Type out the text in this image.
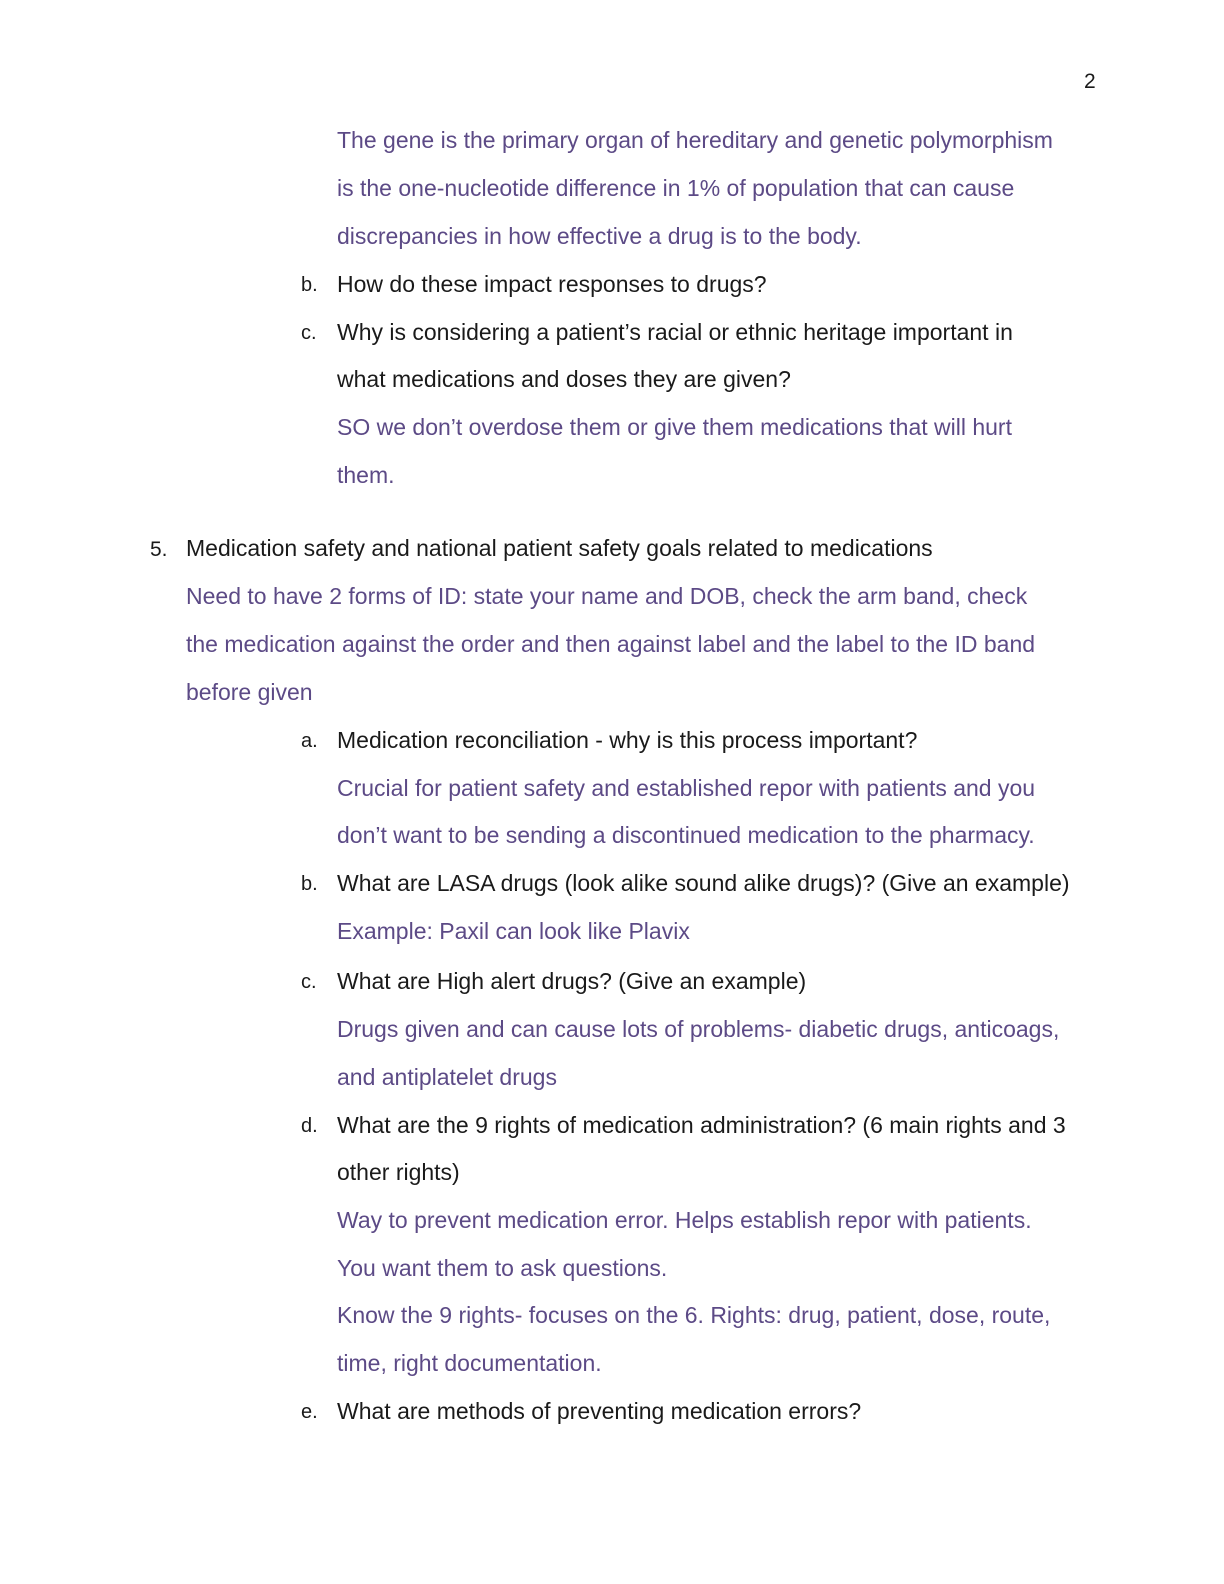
2
The gene is the primary organ of hereditary and genetic polymorphism
is the one-nucleotide difference in 1% of population that can cause
discrepancies in how effective a drug is to the body.
b. How do these impact responses to drugs?
c. Why is considering a patient’s racial or ethnic heritage important in
what medications and doses they are given?
SO we don’t overdose them or give them medications that will hurt
them.
5. Medication safety and national patient safety goals related to medications
Need to have 2 forms of ID: state your name and DOB, check the arm band, check
the medication against the order and then against label and the label to the ID band
before given
a. Medication reconciliation - why is this process important?
Crucial for patient safety and established repor with patients and you
don’t want to be sending a discontinued medication to the pharmacy.
b. What are LASA drugs (look alike sound alike drugs)? (Give an example)
Example: Paxil can look like Plavix
c. What are High alert drugs? (Give an example)
Drugs given and can cause lots of problems- diabetic drugs, anticoags,
and antiplatelet drugs
d. What are the 9 rights of medication administration? (6 main rights and 3
other rights)
Way to prevent medication error. Helps establish repor with patients.
You want them to ask questions.
Know the 9 rights- focuses on the 6. Rights: drug, patient, dose, route,
time, right documentation.
e. What are methods of preventing medication errors?
